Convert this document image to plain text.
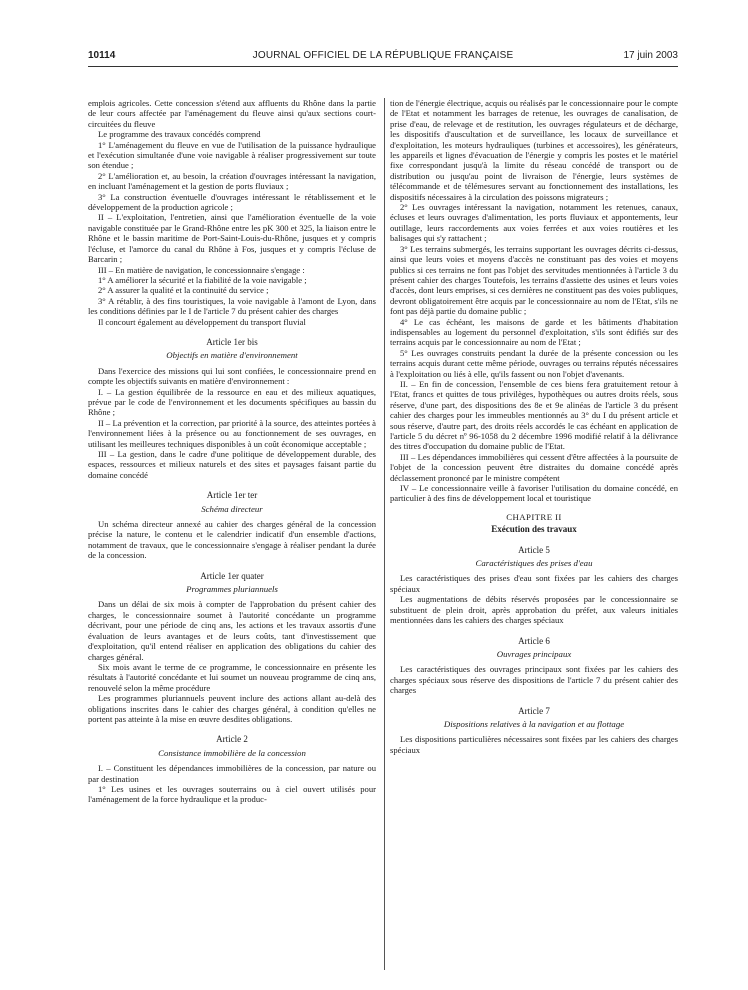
10114	JOURNAL OFFICIEL DE LA RÉPUBLIQUE FRANÇAISE	17 juin 2003

emplois agricoles. Cette concession s'étend aux affluents du Rhône dans la partie de leur cours affectée par l'aménagement du fleuve ainsi qu'aux sections court-circuitées du fleuve

Le programme des travaux concédés comprend

1° L'aménagement du fleuve en vue de l'utilisation de la puissance hydraulique et l'exécution simultanée d'une voie navigable à réaliser progressivement sur toute son étendue ;

2° L'amélioration et, au besoin, la création d'ouvrages intéressant la navigation, en incluant l'aménagement et la gestion de ports fluviaux ;

3° La construction éventuelle d'ouvrages intéressant le rétablissement et le développement de la production agricole ;

II – L'exploitation, l'entretien, ainsi que l'amélioration éventuelle de la voie navigable constituée par le Grand-Rhône entre les pK 300 et 325, la liaison entre le Rhône et le bassin maritime de Port-Saint-Louis-du-Rhône, jusques et y compris l'écluse, et l'amorce du canal du Rhône à Fos, jusques et y compris l'écluse de Barcarin ;

III – En matière de navigation, le concessionnaire s'engage :

1° A améliorer la sécurité et la fiabilité de la voie navigable ;

2° A assurer la qualité et la continuité du service ;

3° A rétablir, à des fins touristiques, la voie navigable à l'amont de Lyon, dans les conditions définies par le I de l'article 7 du présent cahier des charges

Il concourt également au développement du transport fluvial

Article 1er bis
Objectifs en matière d'environnement

Dans l'exercice des missions qui lui sont confiées, le concessionnaire prend en compte les objectifs suivants en matière d'environnement :

I. – La gestion équilibrée de la ressource en eau et des milieux aquatiques, prévue par le code de l'environnement et les documents spécifiques au bassin du Rhône ;

II – La prévention et la correction, par priorité à la source, des atteintes portées à l'environnement liées à la présence ou au fonctionnement de ses ouvrages, en utilisant les meilleures techniques disponibles à un coût économique acceptable ;

III – La gestion, dans le cadre d'une politique de développement durable, des espaces, ressources et milieux naturels et des sites et paysages faisant partie du domaine concédé

Article 1er ter
Schéma directeur

Un schéma directeur annexé au cahier des charges général de la concession précise la nature, le contenu et le calendrier indicatif d'un ensemble d'actions, notamment de travaux, que le concessionnaire s'engage à réaliser pendant la durée de la concession.

Article 1er quater
Programmes pluriannuels

Dans un délai de six mois à compter de l'approbation du présent cahier des charges, le concessionnaire soumet à l'autorité concédante un programme décrivant, pour une période de cinq ans, les actions et les travaux assortis d'une évaluation de leurs avantages et de leurs coûts, tant d'investissement que d'exploitation, qu'il entend réaliser en application des obligations du cahier des charges général.

Six mois avant le terme de ce programme, le concessionnaire en présente les résultats à l'autorité concédante et lui soumet un nouveau programme de cinq ans, renouvelé selon la même procédure

Les programmes pluriannuels peuvent inclure des actions allant au-delà des obligations inscrites dans le cahier des charges général, à condition qu'elles ne portent pas atteinte à la mise en œuvre desdites obligations.

Article 2
Consistance immobilière de la concession

I. – Constituent les dépendances immobilières de la concession, par nature ou par destination

1° Les usines et les ouvrages souterrains ou à ciel ouvert utilisés pour l'aménagement de la force hydraulique et la produc-

tion de l'énergie électrique, acquis ou réalisés par le concessionnaire pour le compte de l'Etat et notamment les barrages de retenue, les ouvrages de canalisation, de prise d'eau, de relevage et de restitution, les ouvrages régulateurs et de décharge, les dispositifs d'auscultation et de surveillance, les locaux de surveillance et d'exploitation, les moteurs hydrauliques (turbines et accessoires), les générateurs, les appareils et lignes d'évacuation de l'énergie y compris les postes et le matériel fixe correspondant jusqu'à la limite du réseau concédé de transport ou de distribution ou jusqu'au point de livraison de l'énergie, leurs systèmes de télécommande et de télémesures servant au fonctionnement des installations, les dispositifs nécessaires à la circulation des poissons migrateurs ;

2° Les ouvrages intéressant la navigation, notamment les retenues, canaux, écluses et leurs ouvrages d'alimentation, les ports fluviaux et appontements, leur outillage, leurs raccordements aux voies ferrées et aux voies routières et les balisages qui s'y rattachent ;

3° Les terrains submergés, les terrains supportant les ouvrages décrits ci-dessus, ainsi que leurs voies et moyens d'accès ne constituant pas des voies et moyens publics si ces terrains ne font pas l'objet des servitudes mentionnées à l'article 3 du présent cahier des charges Toutefois, les terrains d'assiette des usines et leurs voies d'accès, dont leurs emprises, si ces dernières ne constituent pas des voies publiques, devront obligatoirement être acquis par le concessionnaire au nom de l'Etat, s'ils ne font pas déjà partie du domaine public ;

4° Le cas échéant, les maisons de garde et les bâtiments d'habitation indispensables au logement du personnel d'exploitation, s'ils sont édifiés sur des terrains acquis par le concessionnaire au nom de l'Etat ;

5° Les ouvrages construits pendant la durée de la présente concession ou les terrains acquis durant cette même période, ouvrages ou terrains réputés nécessaires à l'exploitation ou liés à elle, qu'ils fassent ou non l'objet d'avenants.

II. – En fin de concession, l'ensemble de ces biens fera gratuitement retour à l'Etat, francs et quittes de tous privilèges, hypothèques ou autres droits réels, sous réserve, d'une part, des dispositions des 8e et 9e alinéas de l'article 3 du présent cahier des charges pour les immeubles mentionnés au 3° du I du présent article et sous réserve, d'autre part, des droits réels accordés le cas échéant en application de l'article 5 du décret nº 96-1058 du 2 décembre 1996 modifié relatif à la délivrance des titres d'occupation du domaine public de l'Etat.

III – Les dépendances immobilières qui cessent d'être affectées à la poursuite de l'objet de la concession peuvent être distraites du domaine concédé après déclassement prononcé par le ministre compétent

IV – Le concessionnaire veille à favoriser l'utilisation du domaine concédé, en particulier à des fins de développement local et touristique

CHAPITRE II
Exécution des travaux
Article 5
Caractéristiques des prises d'eau

Les caractéristiques des prises d'eau sont fixées par les cahiers des charges spéciaux

Les augmentations de débits réservés proposées par le concessionnaire se substituent de plein droit, après approbation du préfet, aux valeurs initiales mentionnées dans les cahiers des charges spéciaux

Article 6
Ouvrages principaux

Les caractéristiques des ouvrages principaux sont fixées par les cahiers des charges spéciaux sous réserve des dispositions de l'article 7 du présent cahier des charges

Article 7
Dispositions relatives à la navigation et au flottage

Les dispositions particulières nécessaires sont fixées par les cahiers des charges spéciaux
